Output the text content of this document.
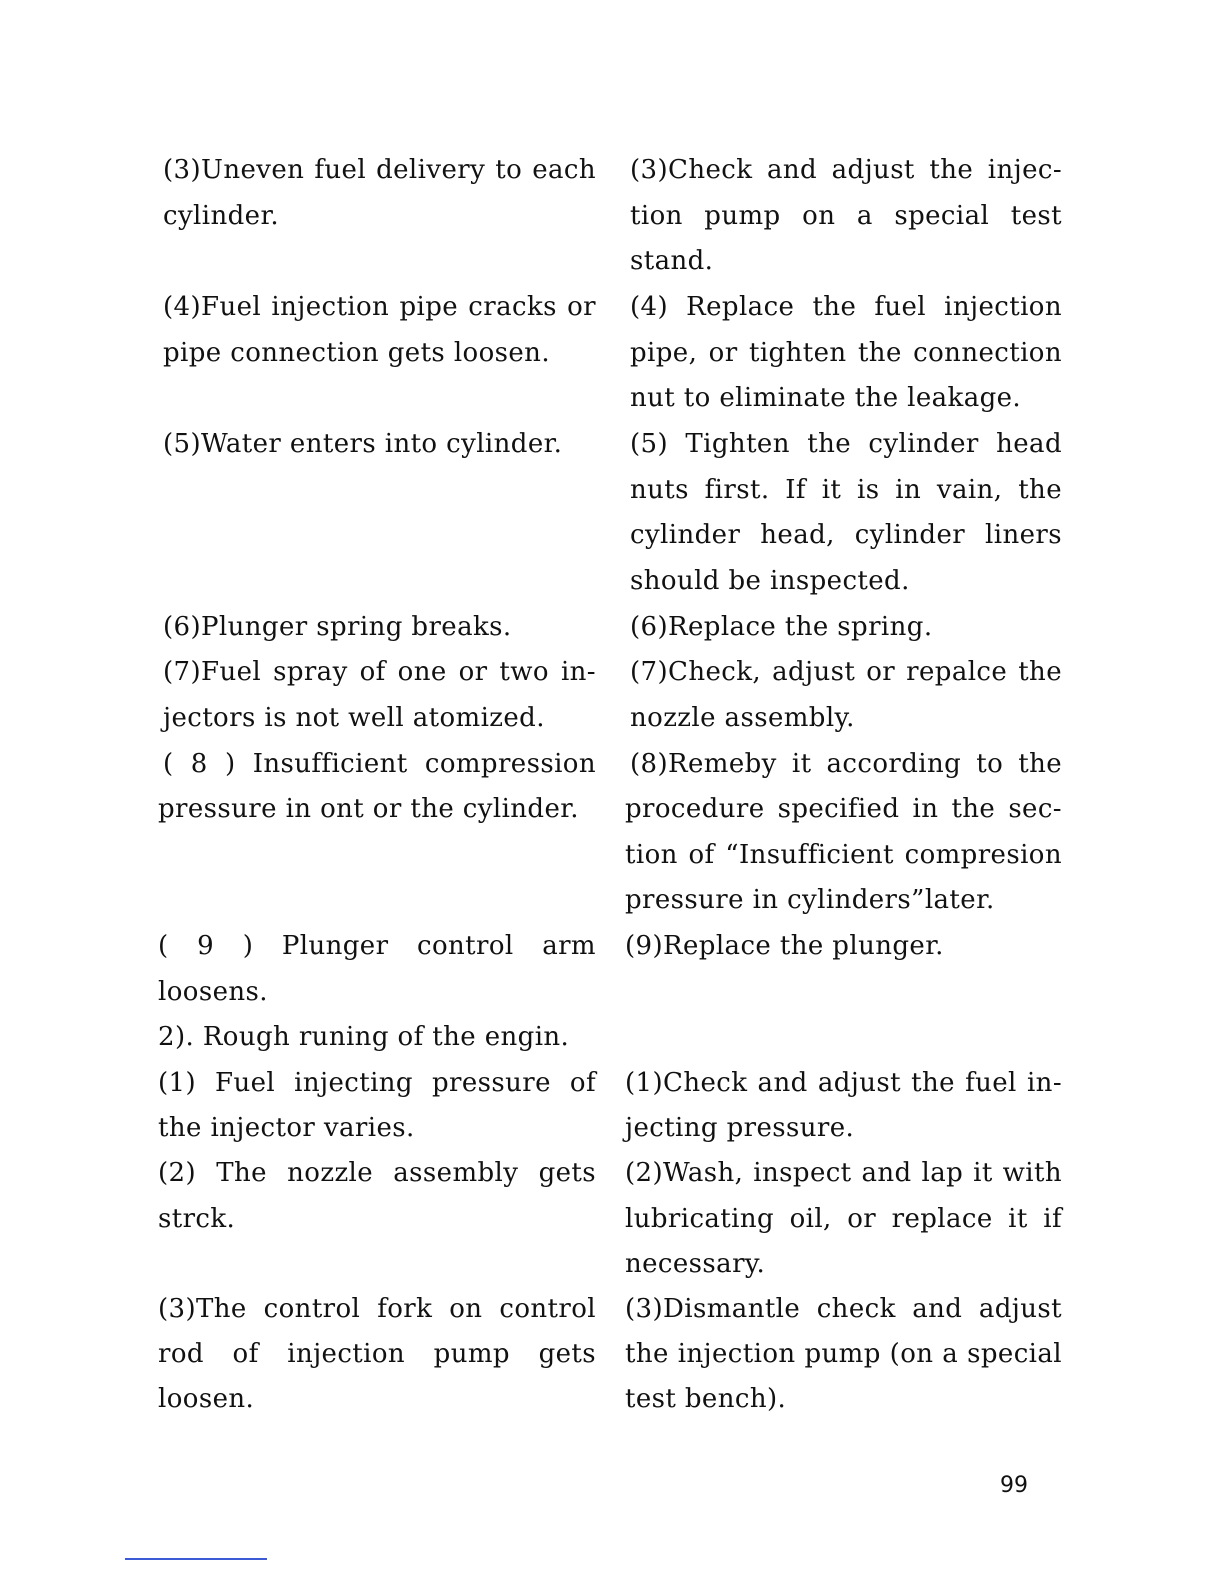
(3)Uneven fuel delivery to each
cylinder.
(3)Check and adjust the injec-
tion pump on a special test
stand.
(4)Fuel injection pipe cracks or
pipe connection gets loosen.
(4) Replace the fuel injection
pipe, or tighten the connection
nut to eliminate the leakage.
(5)Water enters into cylinder.	(5) Tighten the cylinder head
nuts first. If it is in vain, the
cylinder head, cylinder liners
should be inspected.
(6)Plunger spring breaks.	(6)Replace the spring.
(7)Fuel spray of one or two in-
jectors is not well atomized.
(7)Check, adjust or repalce the
nozzle assembly.
( 8 ) Insufficient compression
pressure in ont or the cylinder.
(8)Remeby it according to the
procedure specified in the sec-
tion of “Insufficient compresion
pressure in cylinders”later.
( 9 ) Plunger control arm
loosens.
(9)Replace the plunger.
2). Rough runing of the engin.
(1) Fuel injecting pressure of
the injector varies.
(1)Check and adjust the fuel in-
jecting pressure.
(2) The nozzle assembly gets
strck.
(2)Wash, inspect and lap it with
lubricating oil, or replace it if
necessary.
(3)The control fork on control
rod of injection pump gets
loosen.
(3)Dismantle check and adjust
the injection pump (on a special
test bench).
99
